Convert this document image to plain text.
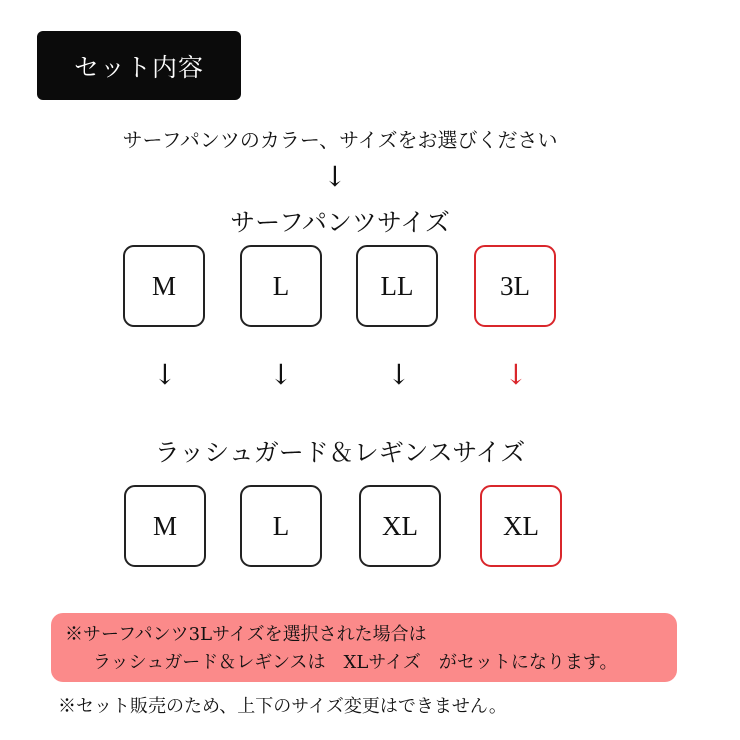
セット内容
サーフパンツのカラー、サイズをお選びください
↓
サーフパンツサイズ
M	L	LL	3L
↓	↓	↓	↓
ラッシュガード＆レギンスサイズ
M	L	XL	XL
※サーフパンツ3Lサイズを選択された場合は
ラッシュガード＆レギンスは　XLサイズ　がセットになります。
※セット販売のため、上下のサイズ変更はできません。
